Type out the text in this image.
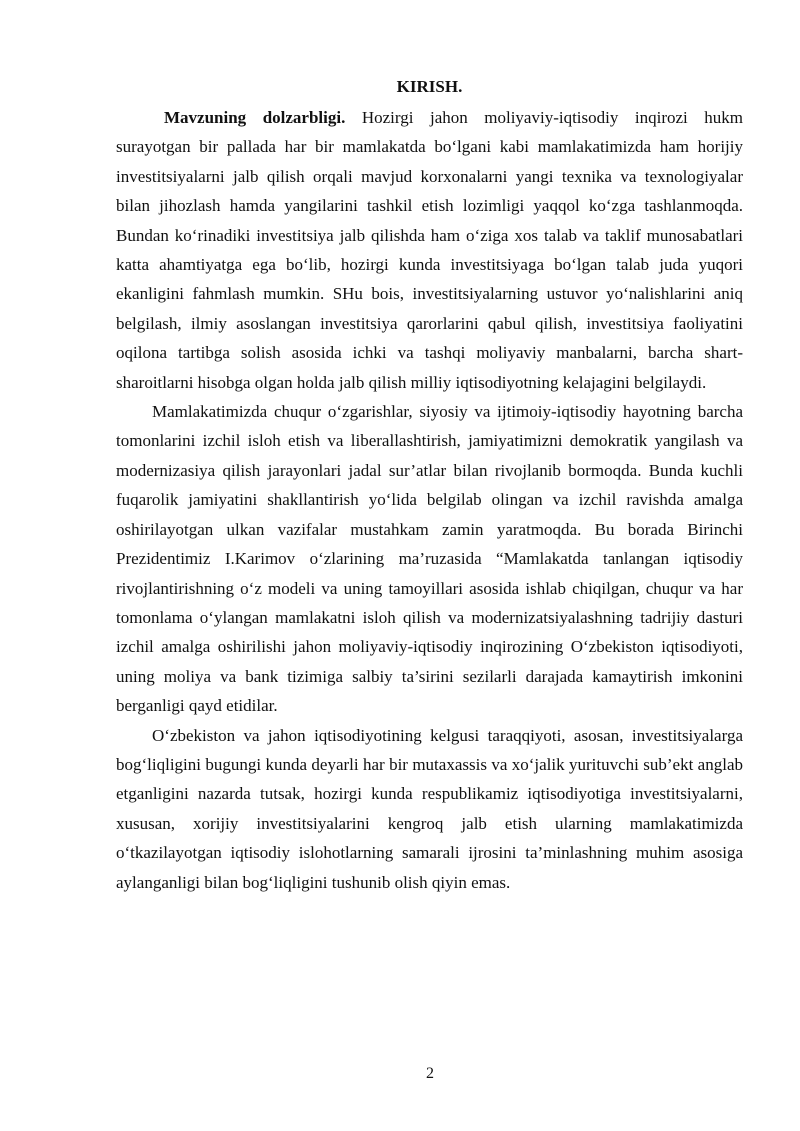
KIRISH.

Mavzuning dolzarbligi. Hozirgi jahon moliyaviy-iqtisodiy inqirozi hukm surayotgan bir pallada har bir mamlakatda bo‘lgani kabi mamlakatimizda ham horijiy investitsiyalarni jalb qilish orqali mavjud korxonalarni yangi texnika va texnologiyalar bilan jihozlash hamda yangilarini tashkil etish lozimligi yaqqol ko‘zga tashlanmoqda. Bundan ko‘rinadiki investitsiya jalb qilishda ham o‘ziga xos talab va taklif munosabatlari katta ahamtiyatga ega bo‘lib, hozirgi kunda investitsiyaga bo‘lgan talab juda yuqori ekanligini fahmlash mumkin. SHu bois, investitsiyalarning ustuvor yo‘nalishlarini aniq belgilash, ilmiy asoslangan investitsiya qarorlarini qabul qilish, investitsiya faoliyatini oqilona tartibga solish asosida ichki va tashqi moliyaviy manbalarni, barcha shart-sharoitlarni hisobga olgan holda jalb qilish milliy iqtisodiyotning kelajagini belgilaydi.

Mamlakatimizda chuqur o‘zgarishlar, siyosiy va ijtimoiy-iqtisodiy hayotning barcha tomonlarini izchil isloh etish va liberallashtirish, jamiyatimizni demokratik yangilash va modernizasiya qilish jarayonlari jadal sur’atlar bilan rivojlanib bormoqda. Bunda kuchli fuqarolik jamiyatini shakllantirish yo‘lida belgilab olingan va izchil ravishda amalga oshirilayotgan ulkan vazifalar mustahkam zamin yaratmoqda. Bu borada Birinchi Prezidentimiz I.Karimov o‘zlarining ma’ruzasida “Mamlakatda tanlangan iqtisodiy rivojlantirishning o‘z modeli va uning tamoyillari asosida ishlab chiqilgan, chuqur va har tomonlama o‘ylangan mamlakatni isloh qilish va modernizatsiyalashning tadrijiy dasturi izchil amalga oshirilishi jahon moliyaviy-iqtisodiy inqirozining O‘zbekiston iqtisodiyoti, uning moliya va bank tizimiga salbiy ta’sirini sezilarli darajada kamaytirish imkonini berganligi qayd etidilar.

O‘zbekiston va jahon iqtisodiyotining kelgusi taraqqiyoti, asosan, investitsiyalarga bog‘liqligini bugungi kunda deyarli har bir mutaxassis va xo‘jalik yurituvchi sub’ekt anglab etganligini nazarda tutsak, hozirgi kunda respublikamiz iqtisodiyotiga investitsiyalarni, xususan, xorijiy investitsiyalarini kengroq jalb etish ularning mamlakatimizda o‘tkazilayotgan iqtisodiy islohotlarning samarali ijrosini ta’minlashning muhim asosiga aylanganligi bilan bog‘liqligini tushunib olish qiyin emas.

2
